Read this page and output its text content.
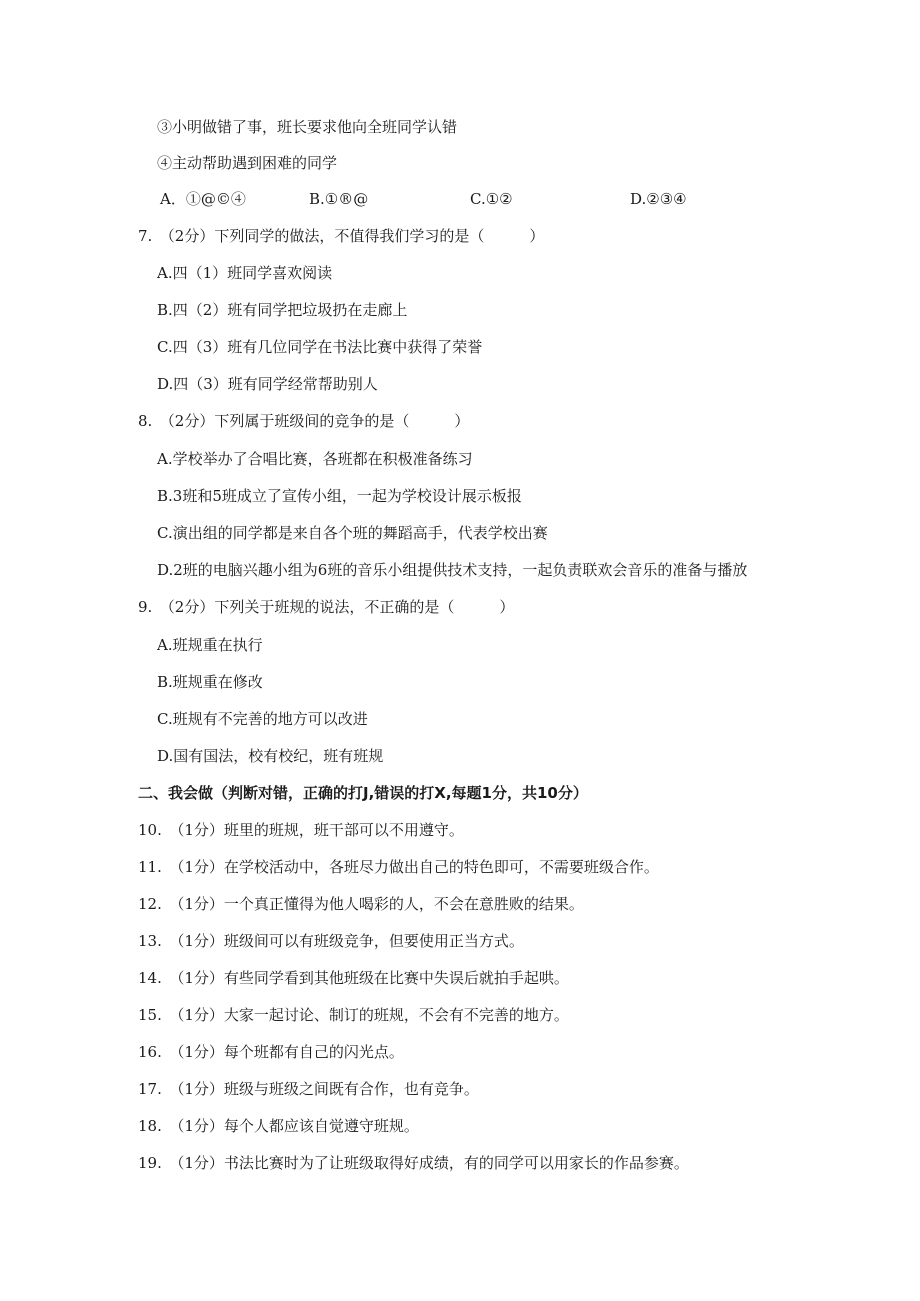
③小明做错了事，班长要求他向全班同学认错
④主动帮助遇到困难的同学
A．①@©④	B.①®@	C.①②	D.②③④
7.　（2分）下列同学的做法，不值得我们学习的是（　　　）
A.四（1）班同学喜欢阅读
B.四（2）班有同学把垃圾扔在走廊上
C.四（3）班有几位同学在书法比赛中获得了荣誉
D.四（3）班有同学经常帮助别人
8.　（2分）下列属于班级间的竞争的是（　　　）
A.学校举办了合唱比赛，各班都在积极准备练习
B.3班和5班成立了宣传小组，一起为学校设计展示板报
C.演出组的同学都是来自各个班的舞蹈高手，代表学校出赛
D.2班的电脑兴趣小组为6班的音乐小组提供技术支持，一起负责联欢会音乐的准备与播放
9.　（2分）下列关于班规的说法，不正确的是（　　　）
A.班规重在执行
B.班规重在修改
C.班规有不完善的地方可以改进
D.国有国法，校有校纪，班有班规
二、我会做（判断对错，正确的打J,错误的打X,每题1分，共10分）
10.　（1分）班里的班规，班干部可以不用遵守。
11.　（1分）在学校活动中，各班尽力做出自己的特色即可，不需要班级合作。
12.　（1分）一个真正懂得为他人喝彩的人，不会在意胜败的结果。
13.　（1分）班级间可以有班级竞争，但要使用正当方式。
14.　（1分）有些同学看到其他班级在比赛中失误后就拍手起哄。
15.　（1分）大家一起讨论、制订的班规，不会有不完善的地方。
16.　（1分）每个班都有自己的闪光点。
17.　（1分）班级与班级之间既有合作，也有竞争。
18.　（1分）每个人都应该自觉遵守班规。
19.　（1分）书法比赛时为了让班级取得好成绩，有的同学可以用家长的作品参赛。
